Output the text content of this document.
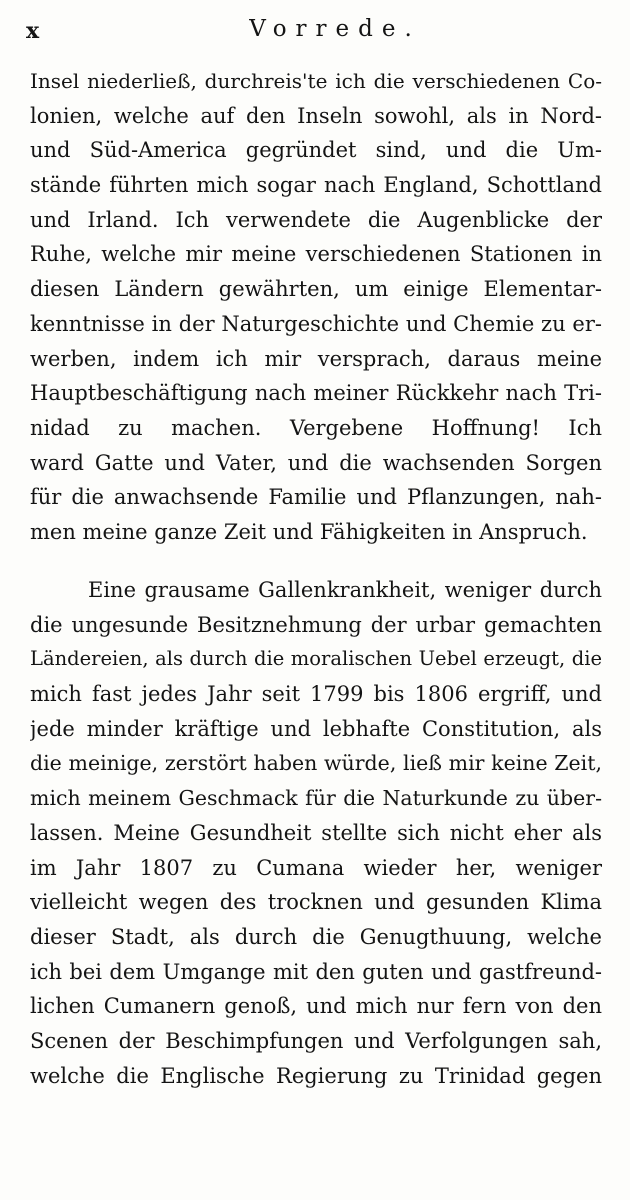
x	Vorrede.
Insel niederließ, durchreis'te ich die verschiedenen Co-
lonien, welche auf den Inseln sowohl, als in Nord-
und Süd-America gegründet sind, und die Um-
stände führten mich sogar nach England, Schottland
und Irland. Ich verwendete die Augenblicke der
Ruhe, welche mir meine verschiedenen Stationen in
diesen Ländern gewährten, um einige Elementar-
kenntnisse in der Naturgeschichte und Chemie zu er-
werben, indem ich mir versprach, daraus meine
Hauptbeschäftigung nach meiner Rückkehr nach Tri-
nidad zu machen. Vergebene Hoffnung! Ich
ward Gatte und Vater, und die wachsenden Sorgen
für die anwachsende Familie und Pflanzungen, nah-
men meine ganze Zeit und Fähigkeiten in Anspruch.
Eine grausame Gallenkrankheit, weniger durch
die ungesunde Besitznehmung der urbar gemachten
Ländereien, als durch die moralischen Uebel erzeugt, die
mich fast jedes Jahr seit 1799 bis 1806 ergriff, und
jede minder kräftige und lebhafte Constitution, als
die meinige, zerstört haben würde, ließ mir keine Zeit,
mich meinem Geschmack für die Naturkunde zu über-
lassen. Meine Gesundheit stellte sich nicht eher als
im Jahr 1807 zu Cumana wieder her, weniger
vielleicht wegen des trocknen und gesunden Klima
dieser Stadt, als durch die Genugthuung, welche
ich bei dem Umgange mit den guten und gastfreund-
lichen Cumanern genoß, und mich nur fern von den
Scenen der Beschimpfungen und Verfolgungen sah,
welche die Englische Regierung zu Trinidad gegen
